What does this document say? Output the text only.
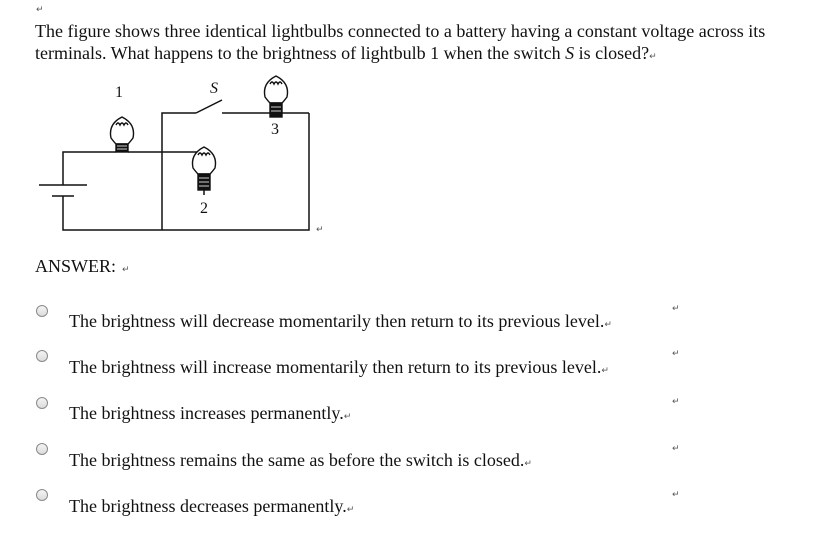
↵

The figure shows three identical lightbulbs connected to a battery having a constant voltage across its terminals. What happens to the brightness of lightbulb 1 when the switch S is closed?↵

1
2
3
S
↵
ANSWER: ↵
The brightness will decrease momentarily then return to its previous level.↵
↵
The brightness will increase momentarily then return to its previous level.↵
↵
The brightness increases permanently.↵
↵
The brightness remains the same as before the switch is closed.↵
↵
The brightness decreases permanently.↵
↵
